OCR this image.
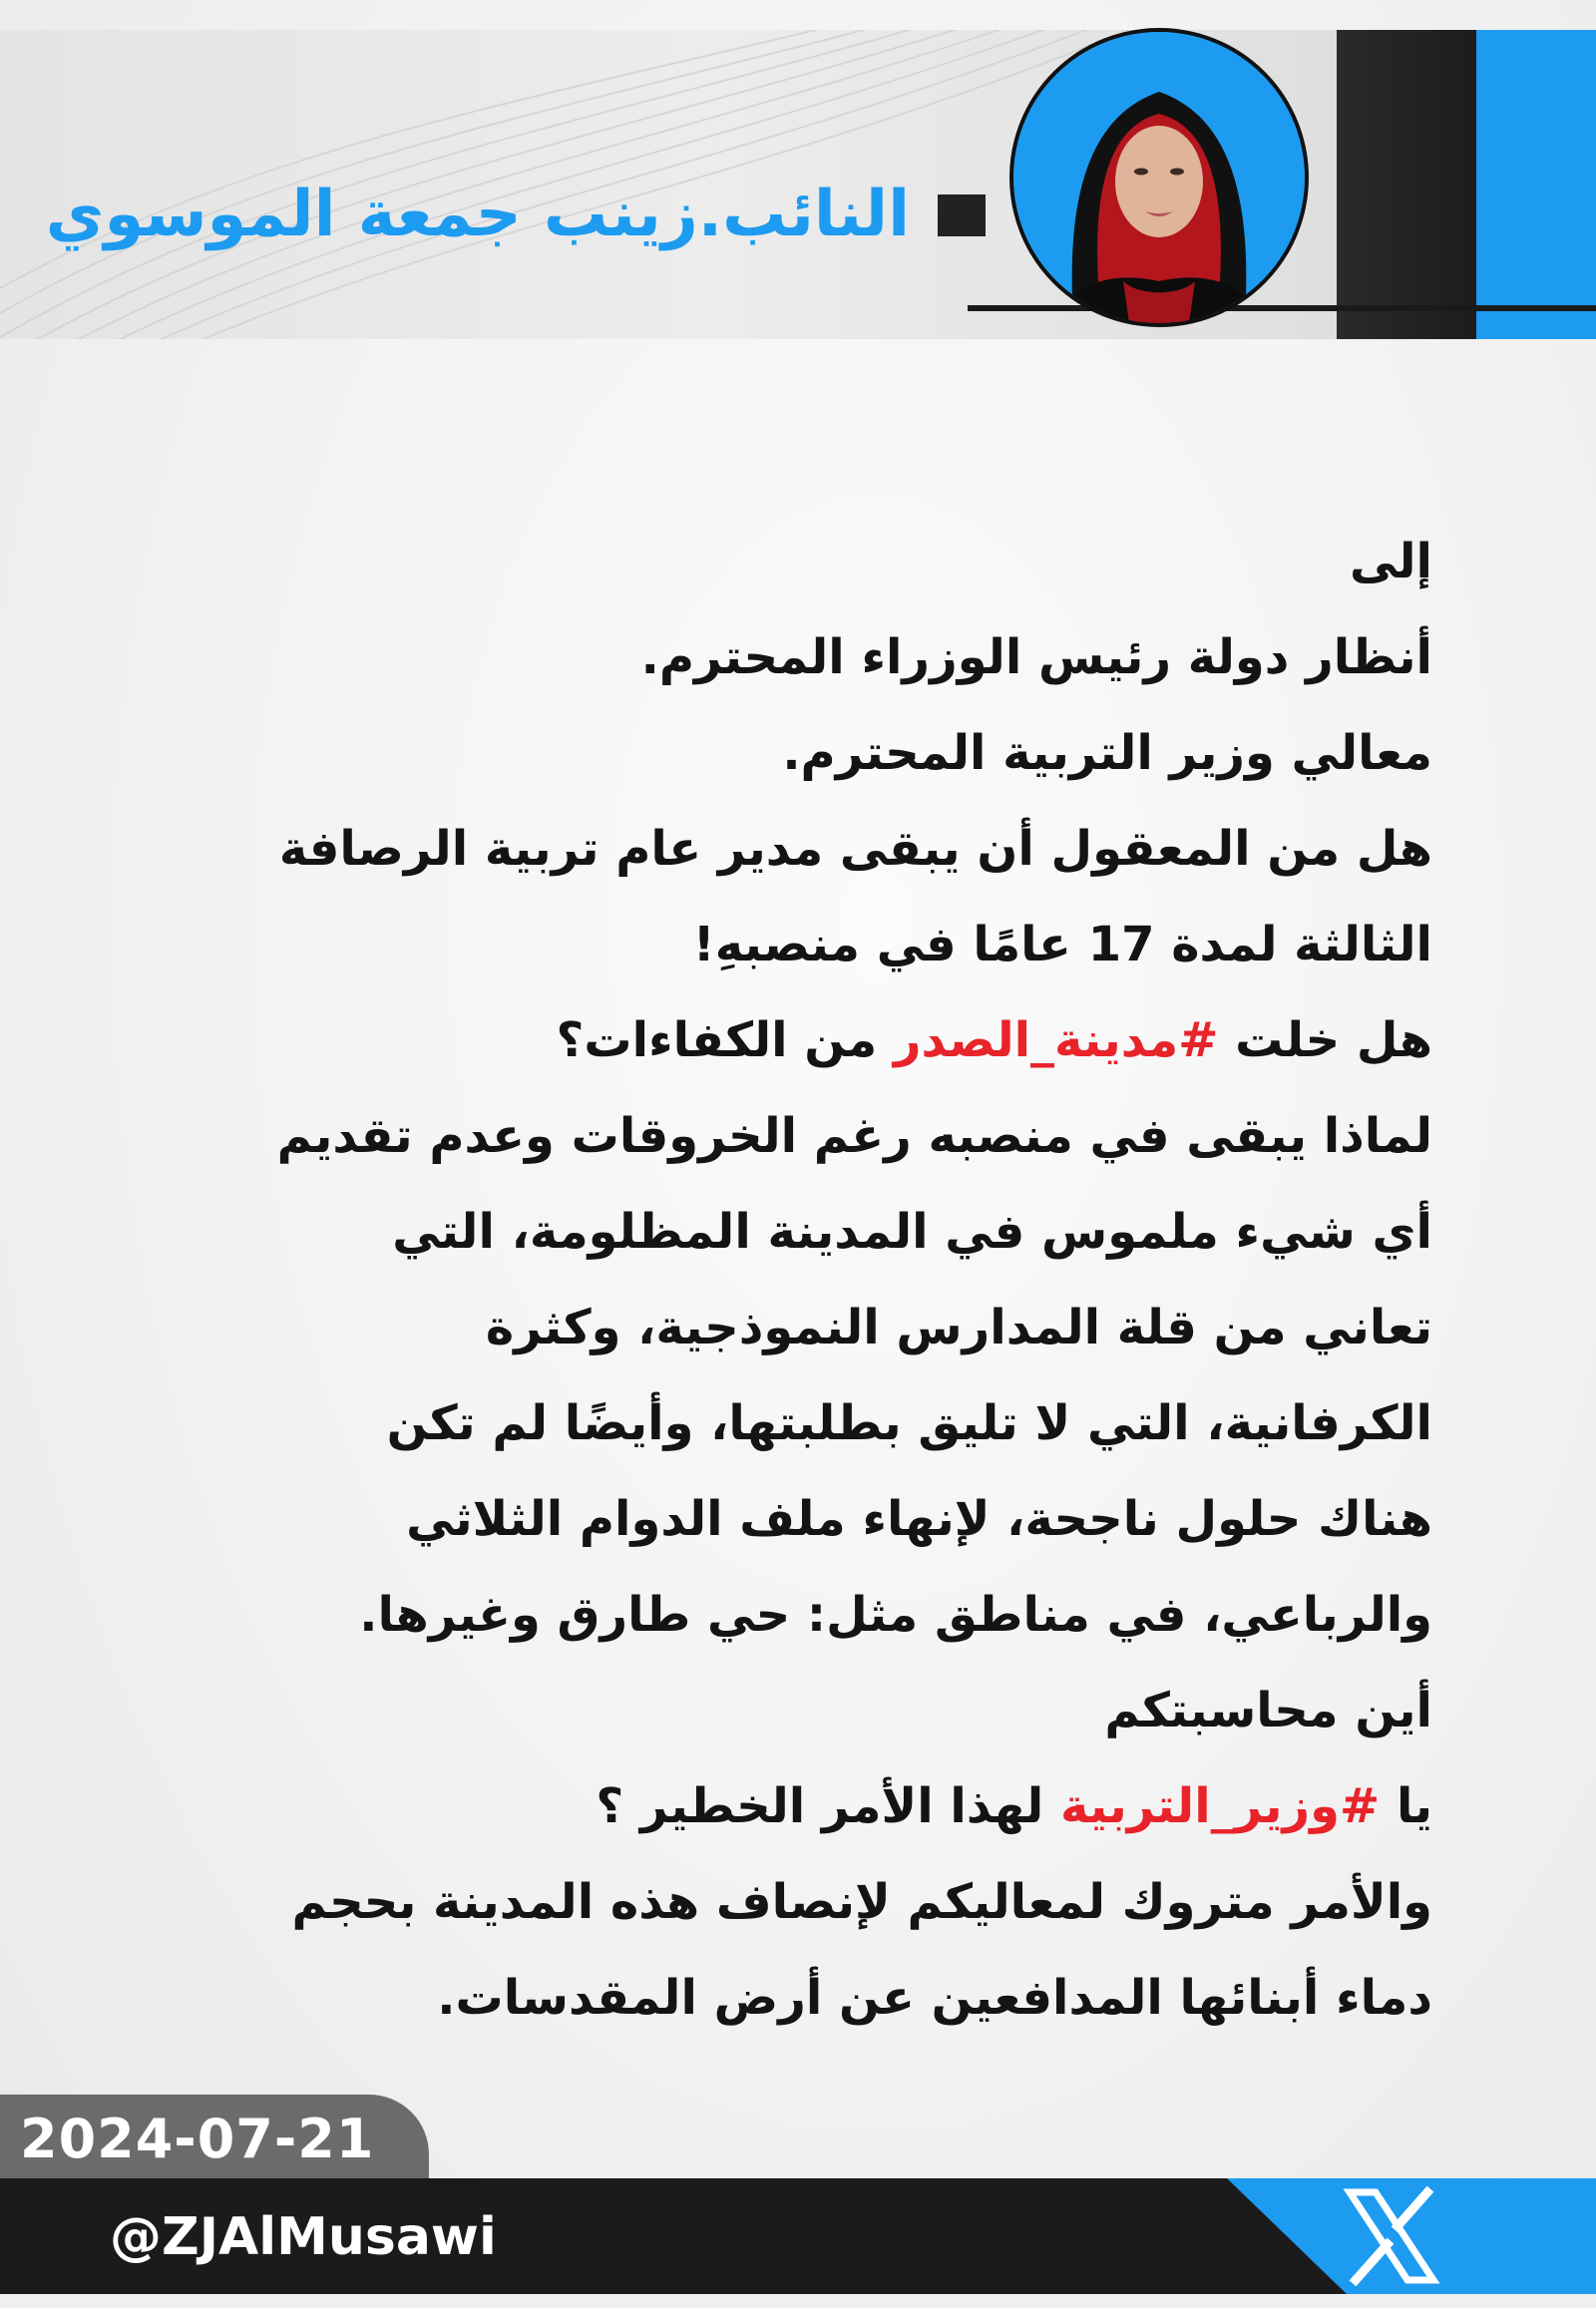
النائب.زينب جمعة الموسوي
إلى
أنظار دولة رئيس الوزراء المحترم.
معالي وزير التربية المحترم.
هل من المعقول أن يبقى مدير عام تربية الرصافة
الثالثة لمدة 17 عامًا في منصبهِ!
هل خلت #مدينة_الصدر من الكفاءات؟
لماذا يبقى في منصبه رغم الخروقات وعدم تقديم
أي شيء ملموس في المدينة المظلومة، التي
تعاني من قلة المدارس النموذجية، وكثرة
الكرفانية، التي لا تليق بطلبتها، وأيضًا لم تكن
هناك حلول ناجحة، لإنهاء ملف الدوام الثلاثي
والرباعي، في مناطق مثل: حي طارق وغيرها.
أين محاسبتكم
يا #وزير_التربية لهذا الأمر الخطير ؟
والأمر متروك لمعاليكم لإنصاف هذه المدينة بحجم
دماء أبنائها المدافعين عن أرض المقدسات.
2024-07-21
@ZJAlMusawi
